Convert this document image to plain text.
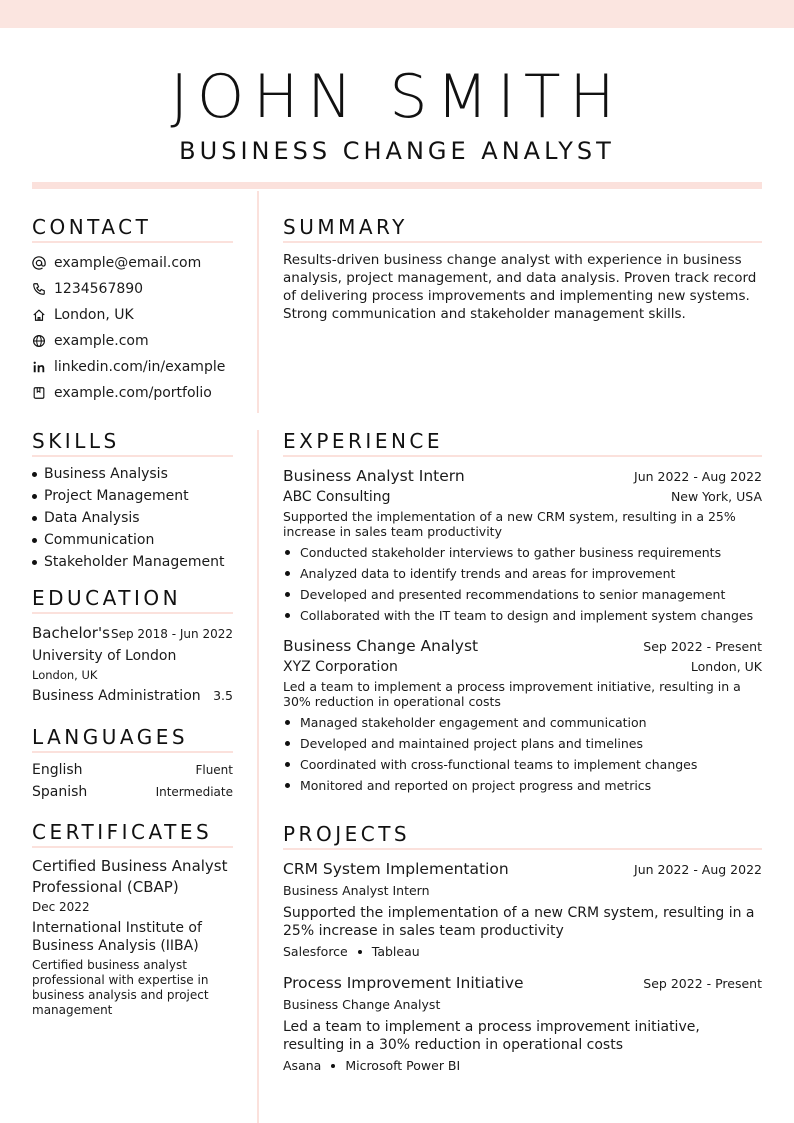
JOHN SMITH
BUSINESS CHANGE ANALYST
CONTACT
example@email.com
1234567890
London, UK
example.com
linkedin.com/in/example
example.com/portfolio
SUMMARY
Results-driven business change analyst with experience in business analysis, project management, and data analysis. Proven track record of delivering process improvements and implementing new systems. Strong communication and stakeholder management skills.
SKILLS
Business Analysis
Project Management
Data Analysis
Communication
Stakeholder Management
EDUCATION
Bachelor's Sep 2018 - Jun 2022
University of London
London, UK
Business Administration 3.5
LANGUAGES
English	Fluent
Spanish	Intermediate
CERTIFICATES
Certified Business Analyst Professional (CBAP)
Dec 2022
International Institute of Business Analysis (IIBA)
Certified business analyst professional with expertise in business analysis and project management
EXPERIENCE
Business Analyst Intern	Jun 2022 - Aug 2022
ABC Consulting	New York, USA
Supported the implementation of a new CRM system, resulting in a 25% increase in sales team productivity
Conducted stakeholder interviews to gather business requirements
Analyzed data to identify trends and areas for improvement
Developed and presented recommendations to senior management
Collaborated with the IT team to design and implement system changes
Business Change Analyst	Sep 2022 - Present
XYZ Corporation	London, UK
Led a team to implement a process improvement initiative, resulting in a 30% reduction in operational costs
Managed stakeholder engagement and communication
Developed and maintained project plans and timelines
Coordinated with cross-functional teams to implement changes
Monitored and reported on project progress and metrics
PROJECTS
CRM System Implementation	Jun 2022 - Aug 2022
Business Analyst Intern
Supported the implementation of a new CRM system, resulting in a 25% increase in sales team productivity
Salesforce Tableau
Process Improvement Initiative	Sep 2022 - Present
Business Change Analyst
Led a team to implement a process improvement initiative, resulting in a 30% reduction in operational costs
Asana Microsoft Power BI
